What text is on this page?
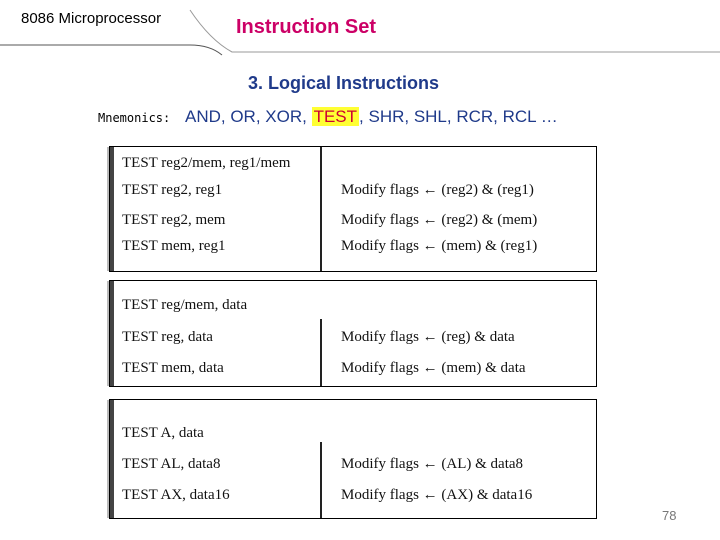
8086 Microprocessor	Instruction Set
3. Logical Instructions
Mnemonics: AND, OR, XOR, TEST , SHR, SHL, RCR, RCL …
TEST reg2/mem, reg1/mem
TEST reg2, reg1	Modify flags ← (reg2) & (reg1)
TEST reg2, mem	Modify flags ← (reg2) & (mem)
TEST mem, reg1	Modify flags ← (mem) & (reg1)
TEST reg/mem, data
TEST reg, data	Modify flags ← (reg) & data
TEST mem, data	Modify flags ← (mem) & data
TEST A, data
TEST AL, data8	Modify flags ← (AL) & data8
TEST AX, data16	Modify flags ← (AX) & data16
78
